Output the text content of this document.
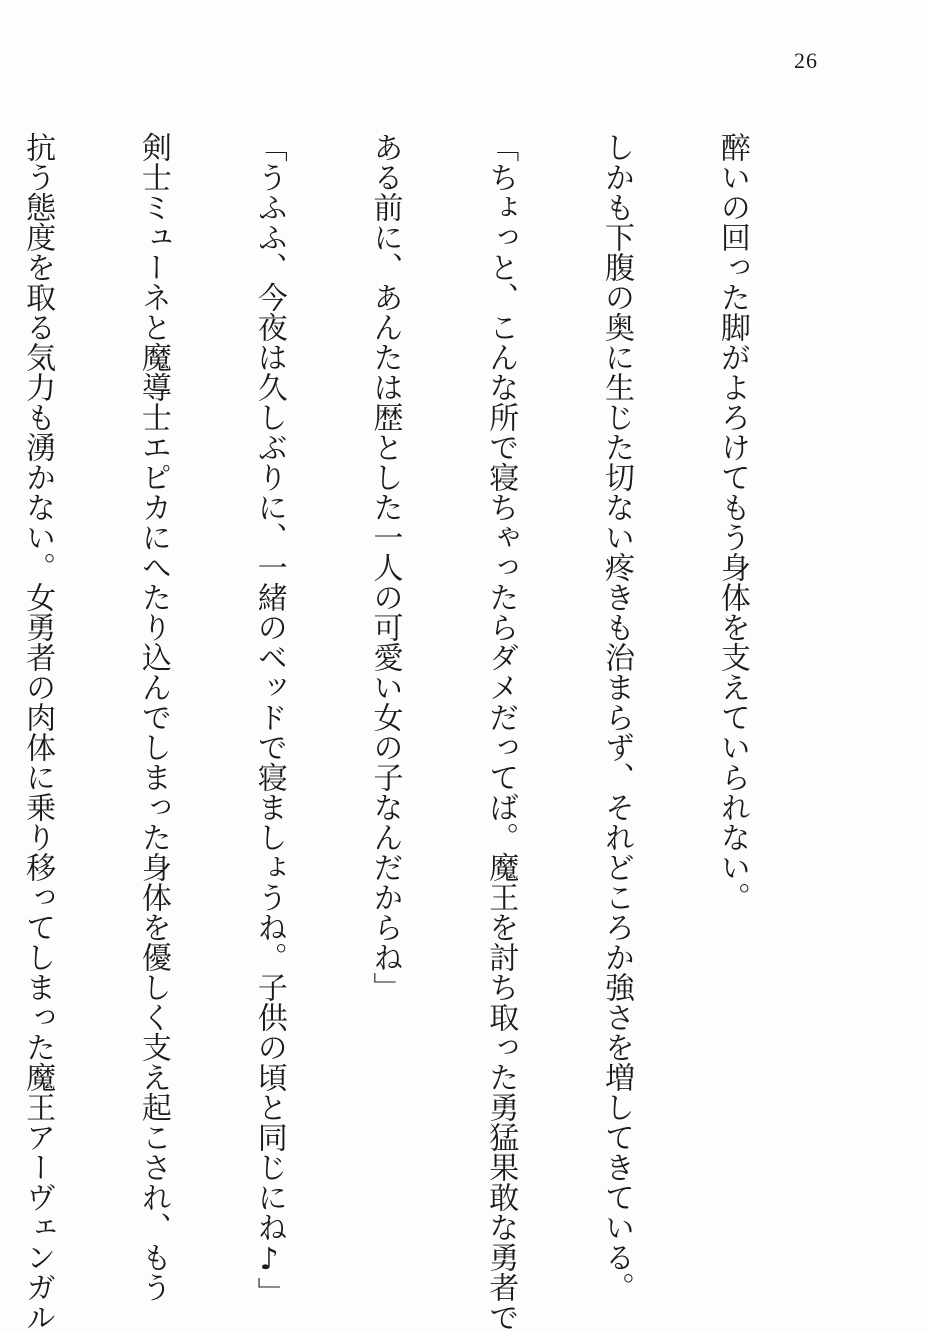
26

醉いの回った脚がよろけてもう身体を支えていられない。

しかも下腹の奥に生じた切ない疼きも治まらず、それどころか強さを増してきている。

「ちょっと、こんな所で寝ちゃったらダメだってば。魔王を討ち取った勇猛果敢な勇者で

ある前に、あんたは歴とした一人の可愛い女の子なんだからね」

「うふふ、今夜は久しぶりに、一緒のベッドで寝ましょうね。子供の頃と同じにね♪」

剣士ミューネと魔導士エピカにへたり込んでしまった身体を優しく支え起こされ、もう

抗う態度を取る気力も湧かない。女勇者の肉体に乗り移ってしまった魔王アーヴェンガル
